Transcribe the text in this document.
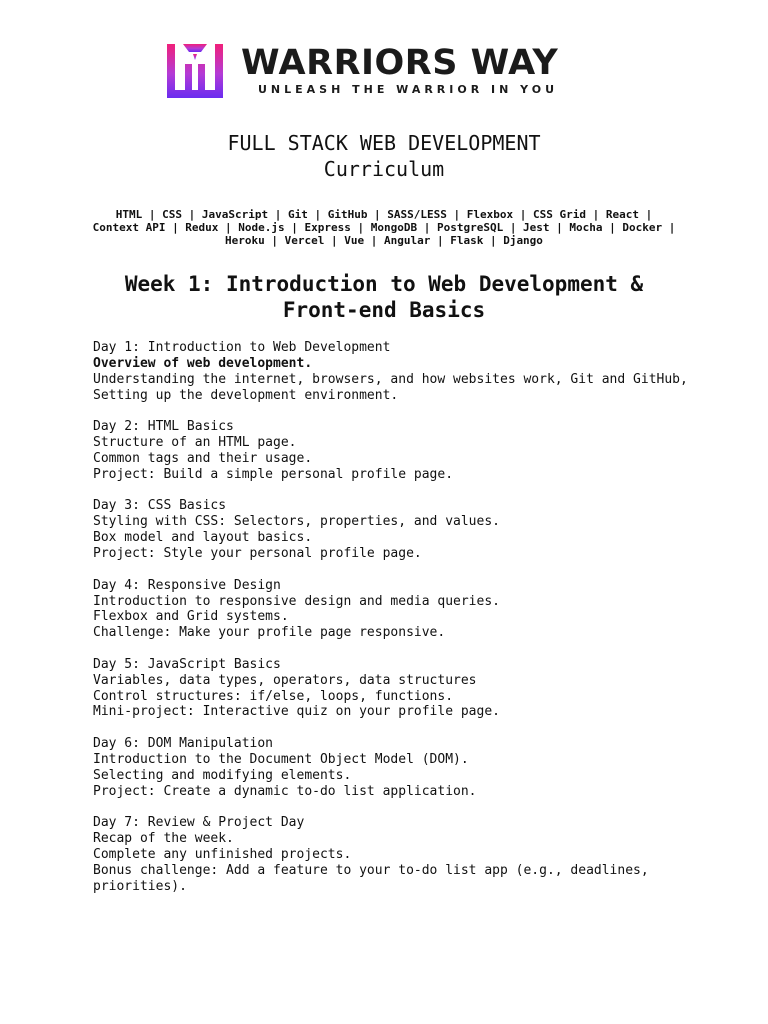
WARRIORS WAY
UNLEASH THE WARRIOR IN YOU
FULL STACK WEB DEVELOPMENT
Curriculum

HTML | CSS | JavaScript | Git | GitHub | SASS/LESS | Flexbox | CSS Grid | React | Context API | Redux | Node.js | Express | MongoDB | PostgreSQL | Jest | Mocha | Docker | Heroku | Vercel | Vue | Angular | Flask | Django

Week 1: Introduction to Web Development & Front-end Basics
Day 1: Introduction to Web Development
Overview of web development.
Understanding the internet, browsers, and how websites work, Git and GitHub, Setting up the development environment.
Day 2: HTML Basics
Structure of an HTML page.
Common tags and their usage.
Project: Build a simple personal profile page.
Day 3: CSS Basics
Styling with CSS: Selectors, properties, and values.
Box model and layout basics.
Project: Style your personal profile page.
Day 4: Responsive Design
Introduction to responsive design and media queries.
Flexbox and Grid systems.
Challenge: Make your profile page responsive.
Day 5: JavaScript Basics
Variables, data types, operators, data structures
Control structures: if/else, loops, functions.
Mini-project: Interactive quiz on your profile page.
Day 6: DOM Manipulation
Introduction to the Document Object Model (DOM).
Selecting and modifying elements.
Project: Create a dynamic to-do list application.
Day 7: Review & Project Day
Recap of the week.
Complete any unfinished projects.
Bonus challenge: Add a feature to your to-do list app (e.g., deadlines, priorities).
